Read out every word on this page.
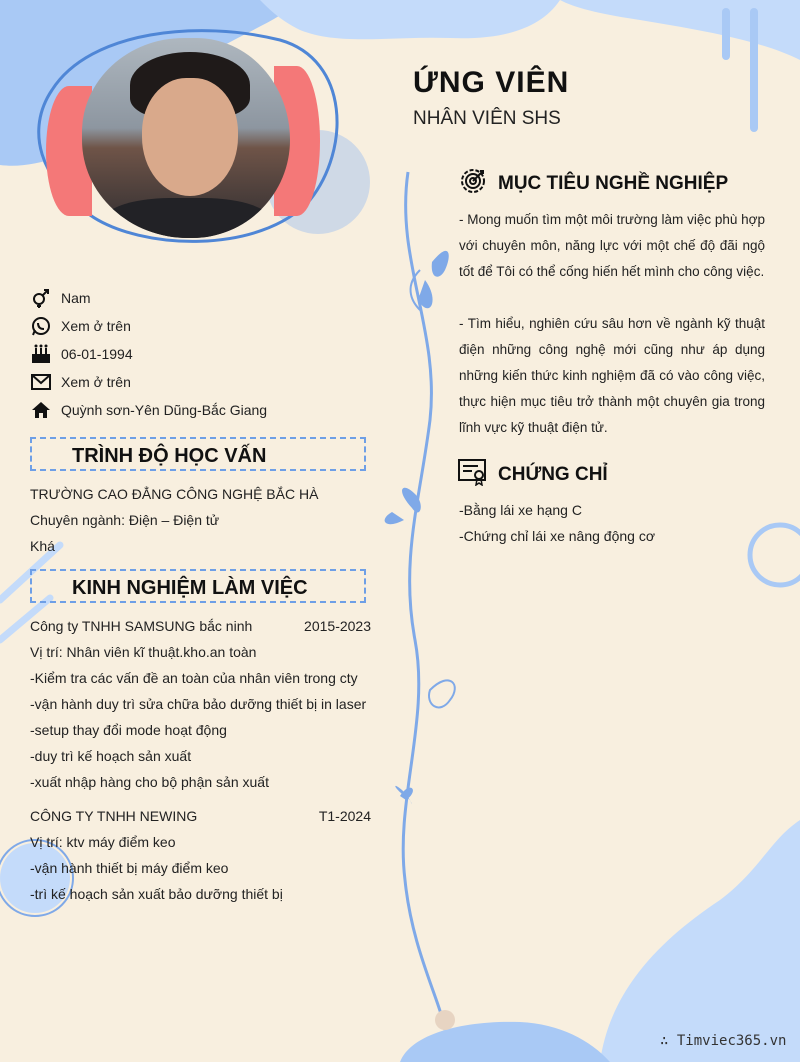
ỨNG VIÊN
NHÂN VIÊN SHS
Nam
Xem ở trên
06-01-1994
Xem ở trên
Quỳnh sơn-Yên Dũng-Bắc Giang
TRÌNH ĐỘ HỌC VẤN
TRƯỜNG CAO ĐẲNG CÔNG NGHỆ BẮC HÀ
Chuyên ngành: Điện – Điện tử
Khá
KINH NGHIỆM LÀM VIỆC
Công ty TNHH SAMSUNG bắc ninh	2015-2023
Vị trí: Nhân viên kĩ thuật.kho.an toàn
-Kiểm tra các vấn đề an toàn của nhân viên trong cty
-vận hành duy trì sửa chữa bảo dưỡng thiết bị in laser
-setup thay đổi mode hoạt động
-duy trì kế hoạch sản xuất
-xuất nhập hàng cho bộ phận sản xuất
CÔNG TY TNHH NEWING	T1-2024
Vị trí: ktv máy điểm keo
-vận hành thiết bị máy điểm keo
-trì kế hoạch sản xuất bảo dưỡng thiết bị
MỤC TIÊU NGHỀ NGHIỆP
- Mong muốn tìm một môi trường làm việc phù hợp với chuyên môn, năng lực với một chế độ đãi ngộ tốt để Tôi có thể cống hiến hết mình cho công việc.
- Tìm hiểu, nghiên cứu sâu hơn về ngành kỹ thuật điện những công nghệ mới cũng như áp dụng những kiến thức kinh nghiệm đã có vào công việc, thực hiện mục tiêu trở thành một chuyên gia trong lĩnh vực kỹ thuật điện tử.
CHỨNG CHỈ
-Bằng lái xe hạng C
-Chứng chỉ lái xe nâng động cơ
∴ Timviec365.vn
